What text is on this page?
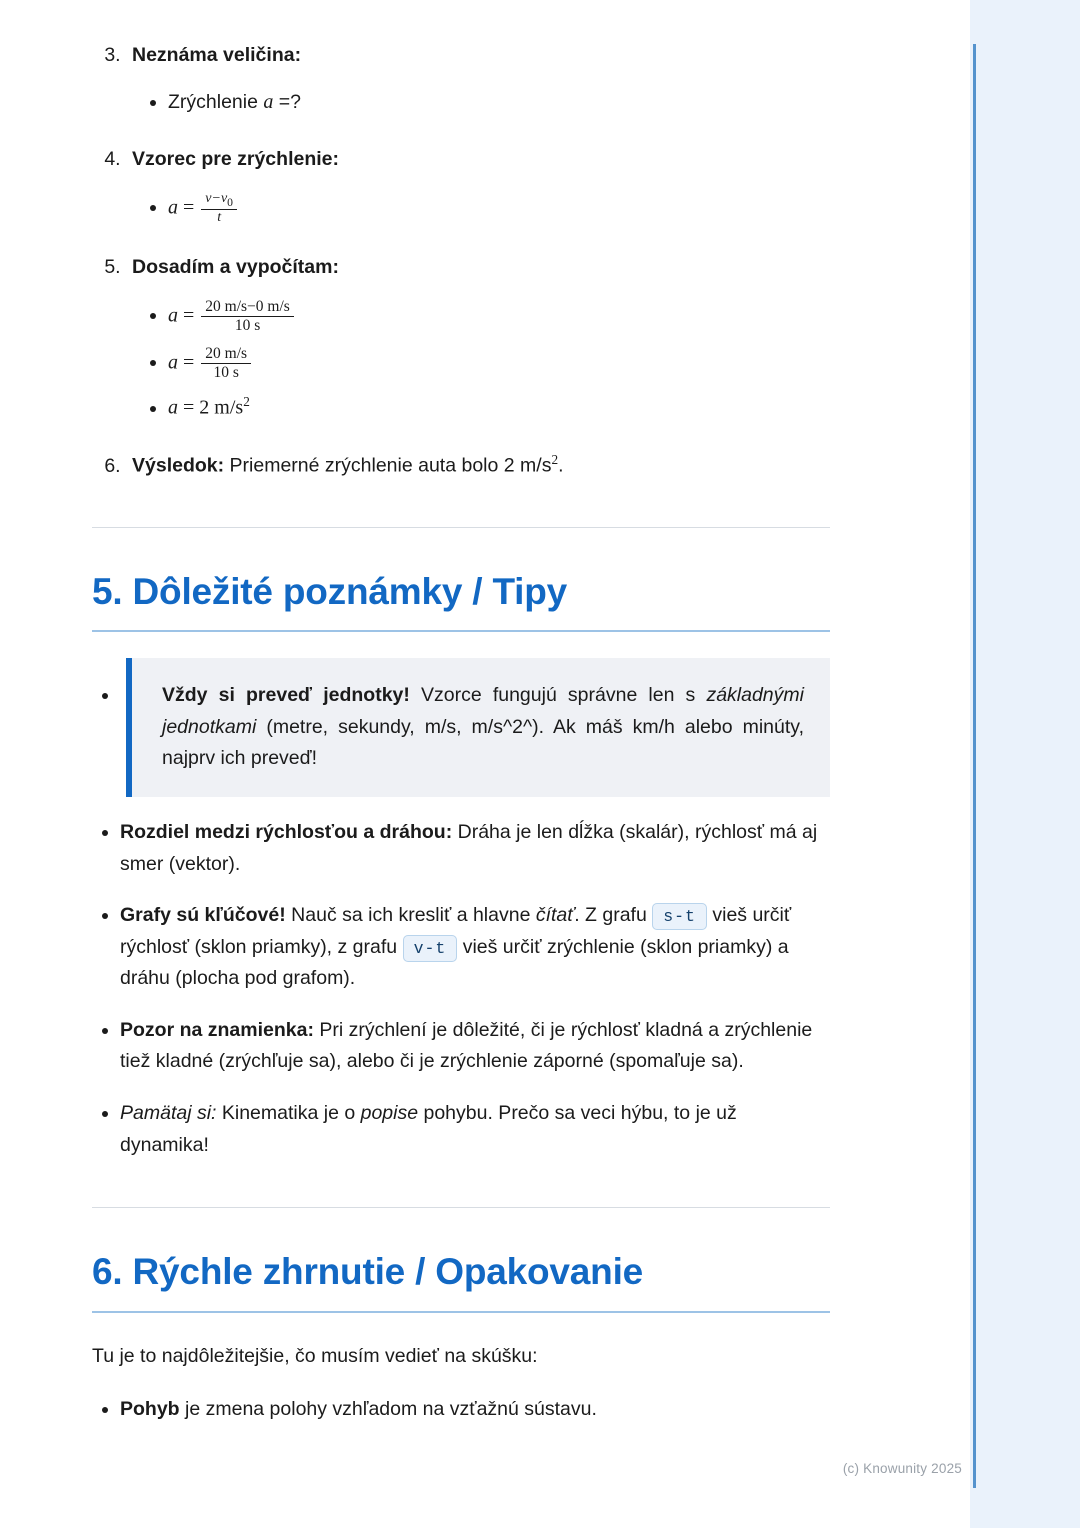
3. Neznáma veličina:
• Zrýchlenie a =?
4. Vzorec pre zrýchlenie:
• $a = \frac{v-v_0}{t}$
5. Dosadím a vypočítam:
• $a = \frac{20 m/s-0 m/s}{10 s}$
• $a = \frac{20 m/s}{10 s}$
• a = 2 $m/s^2$
6. Výsledok: Priemerné zrýchlenie auta bolo 2 $m/s^2$.
5. Dôležité poznámky / Tipy
• Vždy si preveď jednotky! Vzorce fungujú správne len s základnými jednotkami (metre, sekundy, m/s, m/s^2^). Ak máš km/h alebo minúty, najprv ich preveď!
• Rozdiel medzi rýchlosťou a dráhou: Dráha je len dĺžka (skalár), rýchlosť má aj smer (vektor).
• Grafy sú kľúčové! Nauč sa ich kresliť a hlavne čítať. Z grafu s-t vieš určiť rýchlosť (sklon priamky), z grafu v-t vieš určiť zrýchlenie (sklon priamky) a dráhu (plocha pod grafom).
• Pozor na znamienka: Pri zrýchlení je dôležité, či je rýchlosť kladná a zrýchlenie tiež kladné (zrýchľuje sa), alebo či je zrýchlenie záporné (spomaľuje sa).
• Pamätaj si: Kinematika je o popise pohybu. Prečo sa veci hýbu, to je už dynamika!
6. Rýchle zhrnutie / Opakovanie

Tu je to najdôležitejšie, čo musím vedieť na skúšku:

• Pohyb je zmena polohy vzhľadom na vzťažnú sústavu.
(c) Knowunity 2025
